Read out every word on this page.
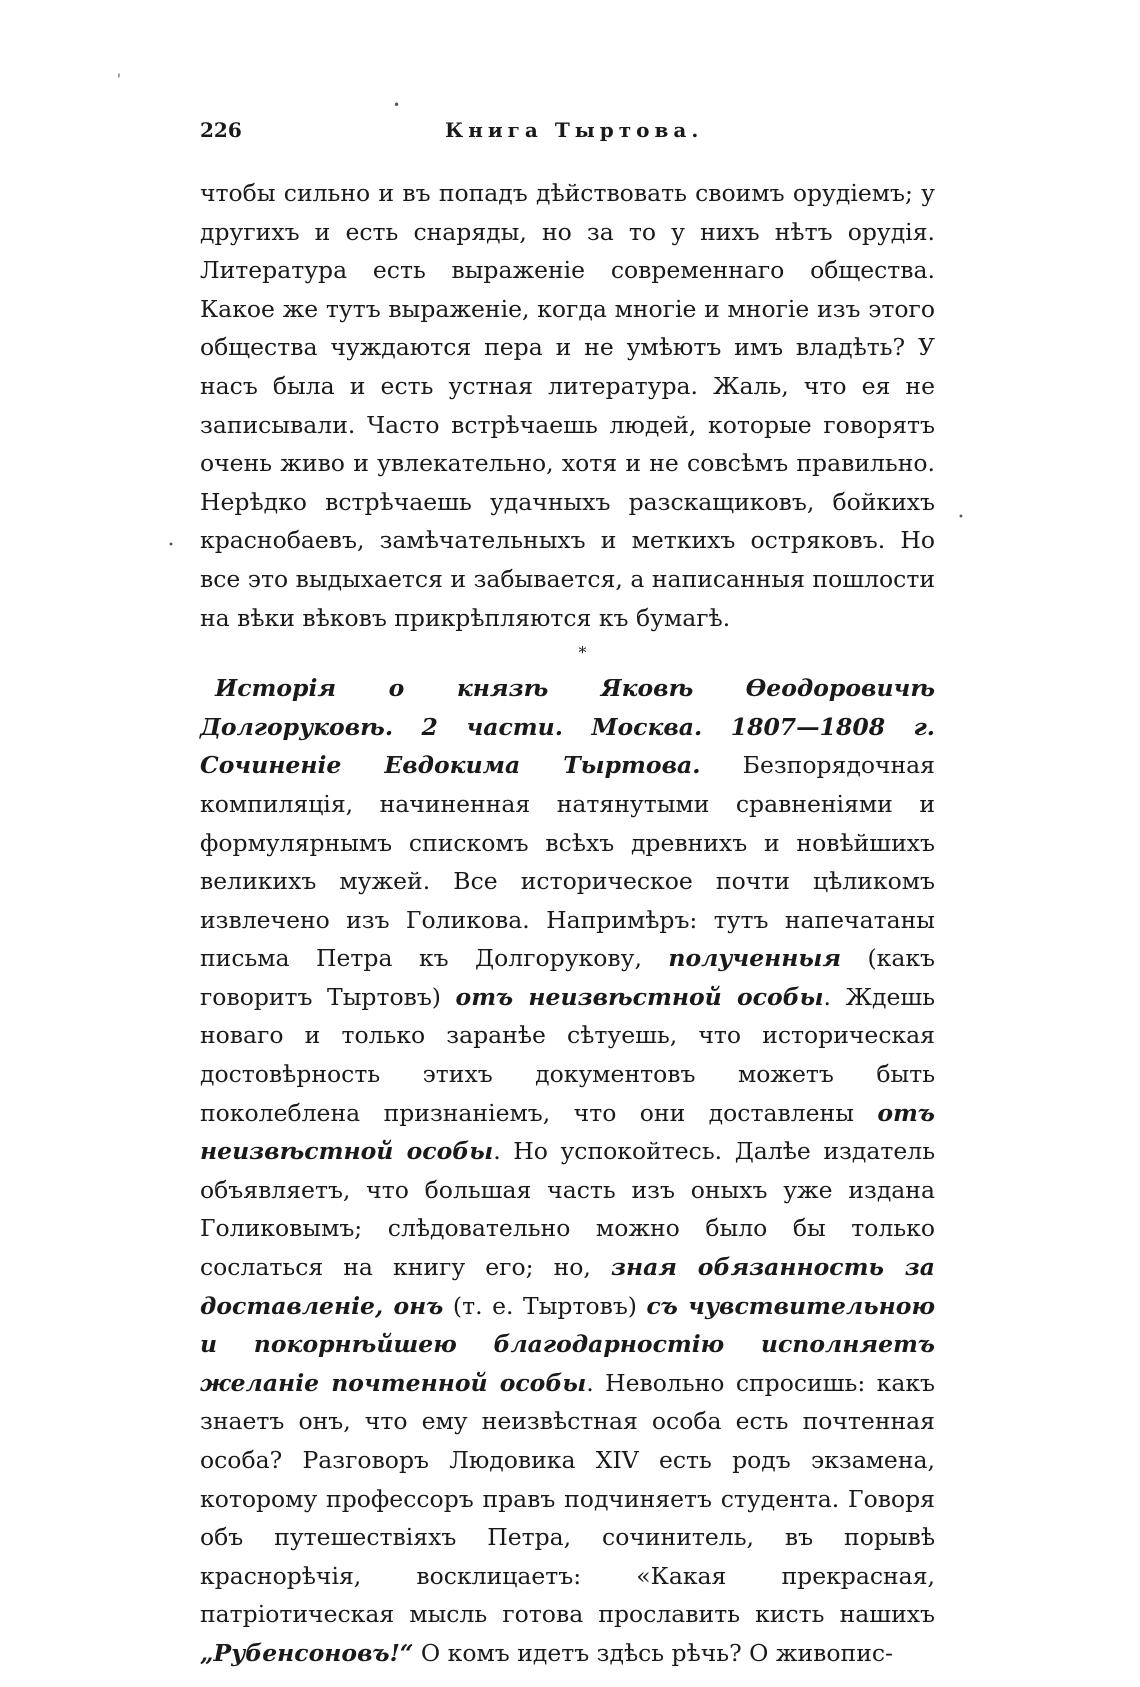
'
•
•
•
226	Книга Тыртова.

чтобы сильно и въ попадъ дѣйствовать своимъ орудіемъ; у другихъ и есть снаряды, но за то у нихъ нѣтъ орудія. Литература есть выраженіе современнаго общества. Какое же тутъ выраженіе, когда многіе и многіе изъ этого общества чуждаются пера и не умѣютъ имъ владѣть? У насъ была и есть устная литература. Жаль, что ея не записывали. Часто встрѣчаешь людей, которые говорятъ очень живо и увлекательно, хотя и не совсѣмъ правильно. Нерѣдко встрѣчаешь удачныхъ разскащиковъ, бойкихъ краснобаевъ, замѣчательныхъ и меткихъ остряковъ. Но все это выдыхается и забывается, а написанныя пошлости на вѣки вѣковъ прикрѣпляются къ бумагѣ.

*

Исторія о князѣ Яковѣ Ѳеодоровичѣ Долгоруковѣ. 2 части. Москва. 1807—1808 г. Сочиненіе Евдокима Тыртова. Безпорядочная компиляція, начиненная натянутыми сравненіями и формулярнымъ спискомъ всѣхъ древнихъ и новѣйшихъ великихъ мужей. Все историческое почти цѣликомъ извлечено изъ Голикова. Напримѣръ: тутъ напечатаны письма Петра къ Долгорукову, полученныя (какъ говоритъ Тыртовъ) отъ неизвѣстной особы. Ждешь новаго и только заранѣе сѣтуешь, что историческая достовѣрность этихъ документовъ можетъ быть поколеблена признаніемъ, что они доставлены отъ неизвѣстной особы. Но успокойтесь. Далѣе издатель объявляетъ, что большая часть изъ оныхъ уже издана Голиковымъ; слѣдовательно можно было бы только сослаться на книгу его; но, зная обязанность за доставленіе, онъ (т. е. Тыртовъ) съ чувствительною и покорнѣйшею благодарностію исполняетъ желаніе почтенной особы. Невольно спросишь: какъ знаетъ онъ, что ему неизвѣстная особа есть почтенная особа? Разговоръ Людовика XIV есть родъ экзамена, которому профессоръ правъ подчиняетъ студента. Говоря объ путешествіяхъ Петра, сочинитель, въ порывѣ краснорѣчія, восклицаетъ: «Какая прекрасная, патріотическая мысль готова прославить кисть нашихъ „Рубенсоновъ!“ О комъ идетъ здѣсь рѣчь? О живопис-
